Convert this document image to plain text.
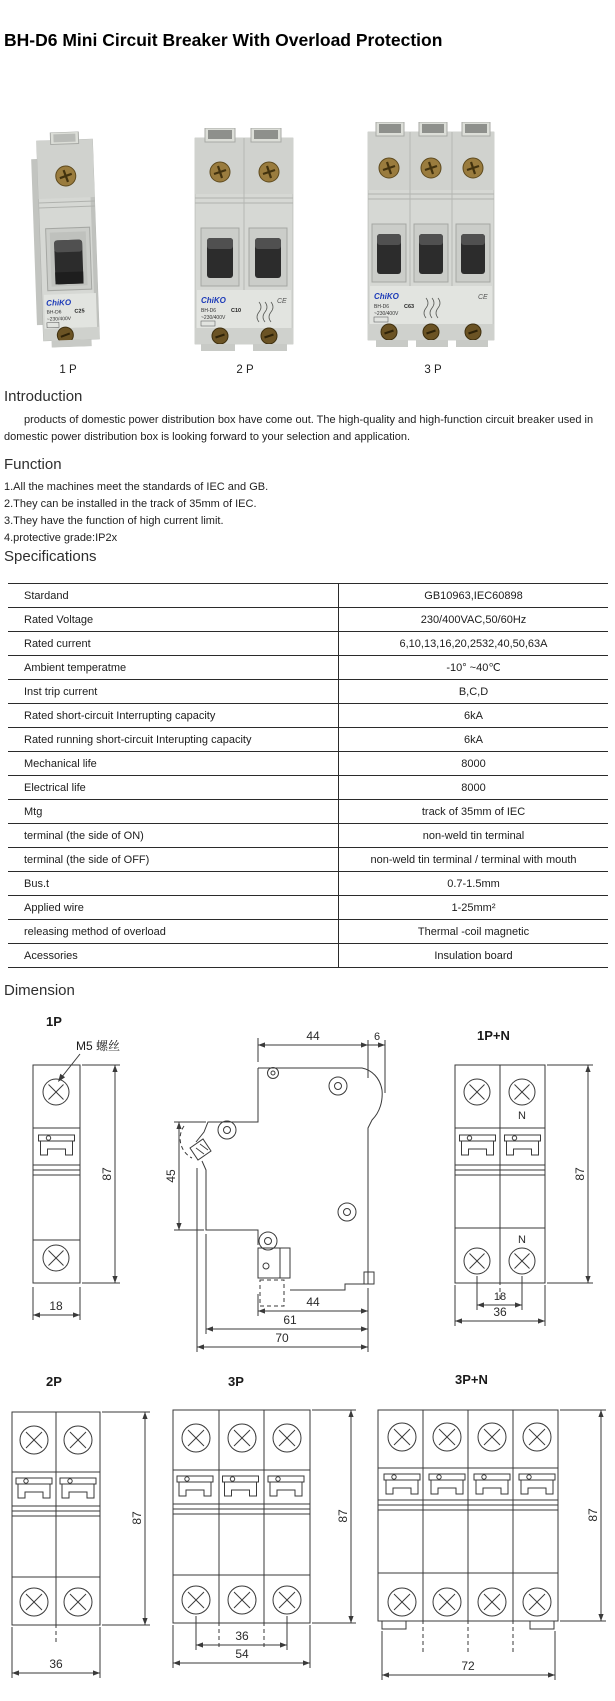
BH-D6 Mini Circuit Breaker With Overload Protection
ChiKO
BH-D6 C25
~230/400V
ChiKO	CE
BH-D6	C10
~230/400V
ChiKO	CE
BH-D6	C63
~230/400V
1 P	2 P	3 P
Introduction
products of domestic power distribution box have come out. The high-quality and high-function circuit breaker used in domestic power distribution box is looking forward to your selection and application.
Function
1.All the machines meet the standards of IEC and GB.
2.They can be installed in the track of 35mm of IEC.
3.They have the function of high current limit.
4.protective grade:IP2x
Specifications
Stardand	GB10963,IEC60898
Rated Voltage	230/400VAC,50/60Hz
Rated current	6,10,13,16,20,2532,40,50,63A
Ambient temperatme	-10° ~40℃
Inst trip current	B,C,D
Rated short-circuit Interrupting capacity	6kA
Rated running short-circuit Interupting capacity	6kA
Mechanical life	8000
Electrical life	8000
Mtg	track of 35mm of IEC
terminal (the side of ON)	non-weld tin terminal
terminal (the side of OFF)	non-weld tin terminal / terminal with mouth
Bus.t	0.7-1.5mm
Applied wire	1-25mm²
releasing method of overload	Thermal -coil magnetic
Acessories	Insulation board
Dimension
1P
M5 螺丝
87
18
44	6
45
44
61
70
1P+N
N
N
87
18
36
2P
87
36
3P
87
36
54
3P+N
87
72
